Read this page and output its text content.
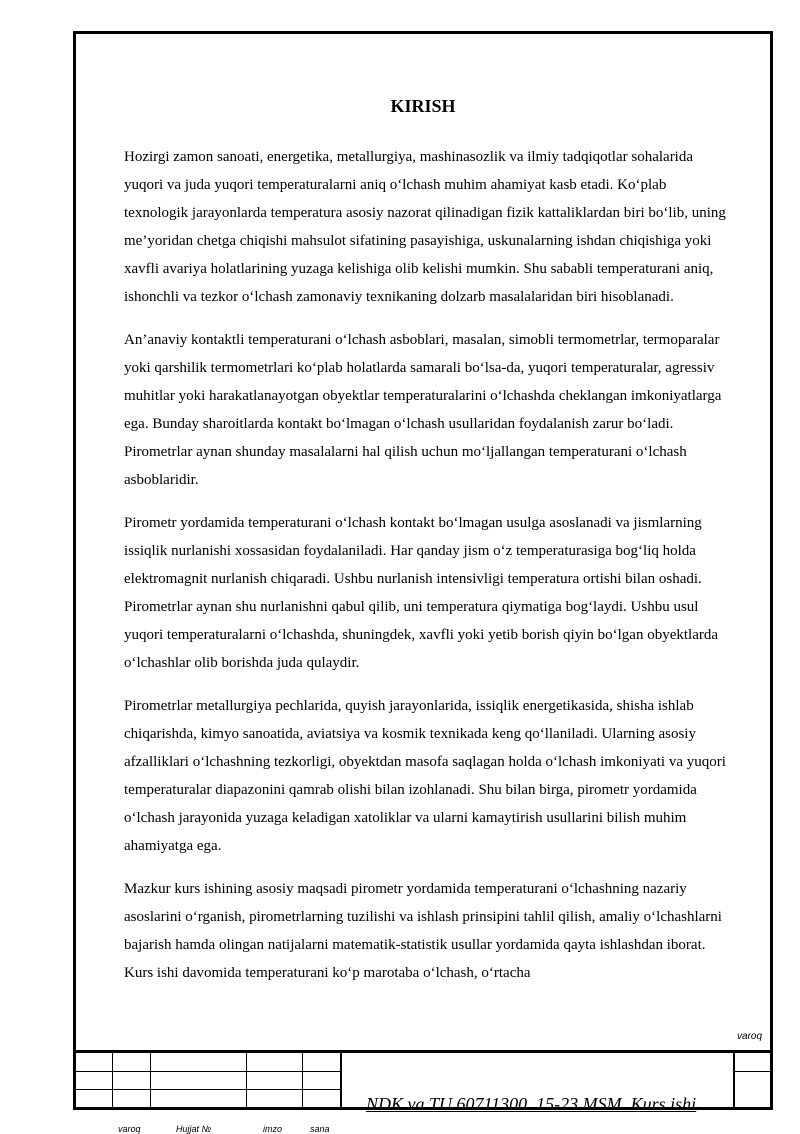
KIRISH

Hozirgi zamon sanoati, energetika, metallurgiya, mashinasozlik va ilmiy tadqiqotlar sohalarida yuqori va juda yuqori temperaturalarni aniq o‘lchash muhim ahamiyat kasb etadi. Ko‘plab texnologik jarayonlarda temperatura asosiy nazorat qilinadigan fizik kattaliklardan biri bo‘lib, uning me’yoridan chetga chiqishi mahsulot sifatining pasayishiga, uskunalarning ishdan chiqishiga yoki xavfli avariya holatlarining yuzaga kelishiga olib kelishi mumkin. Shu sababli temperaturani aniq, ishonchli va tezkor o‘lchash zamonaviy texnikaning dolzarb masalalaridan biri hisoblanadi.

An’anaviy kontaktli temperaturani o‘lchash asboblari, masalan, simobli termometrlar, termoparalar yoki qarshilik termometrlari ko‘plab holatlarda samarali bo‘lsa-da, yuqori temperaturalar, agressiv muhitlar yoki harakatlanayotgan obyektlar temperaturalarini o‘lchashda cheklangan imkoniyatlarga ega. Bunday sharoitlarda kontakt bo‘lmagan o‘lchash usullaridan foydalanish zarur bo‘ladi. Pirometrlar aynan shunday masalalarni hal qilish uchun mo‘ljallangan temperaturani o‘lchash asboblaridir.

Pirometr yordamida temperaturani o‘lchash kontakt bo‘lmagan usulga asoslanadi va jismlarning issiqlik nurlanishi xossasidan foydalaniladi. Har qanday jism o‘z temperaturasiga bog‘liq holda elektromagnit nurlanish chiqaradi. Ushbu nurlanish intensivligi temperatura ortishi bilan oshadi. Pirometrlar aynan shu nurlanishni qabul qilib, uni temperatura qiymatiga bog‘laydi. Ushbu usul yuqori temperaturalarni o‘lchashda, shuningdek, xavfli yoki yetib borish qiyin bo‘lgan obyektlarda o‘lchashlar olib borishda juda qulaydir.

Pirometrlar metallurgiya pechlarida, quyish jarayonlarida, issiqlik energetikasida, shisha ishlab chiqarishda, kimyo sanoatida, aviatsiya va kosmik texnikada keng qo‘llaniladi. Ularning asosiy afzalliklari o‘lchashning tezkorligi, obyektdan masofa saqlagan holda o‘lchash imkoniyati va yuqori temperaturalar diapazonini qamrab olishi bilan izohlanadi. Shu bilan birga, pirometr yordamida o‘lchash jarayonida yuzaga keladigan xatoliklar va ularni kamaytirish usullarini bilish muhim ahamiyatga ega.

Mazkur kurs ishining asosiy maqsadi pirometr yordamida temperaturani o‘lchashning nazariy asoslarini o‘rganish, pirometrlarning tuzilishi va ishlash prinsipini tahlil qilish, amaliy o‘lchashlarni bajarish hamda olingan natijalarni matematik-statistik usullar yordamida qayta ishlashdan iborat. Kurs ishi davomida temperaturani ko‘p marotaba o‘lchash, o‘rtacha

varoq
NDK va TU 60711300. 15-23 MSM. Kurs ishi
varoq	Hujjat №	imzo	sana
